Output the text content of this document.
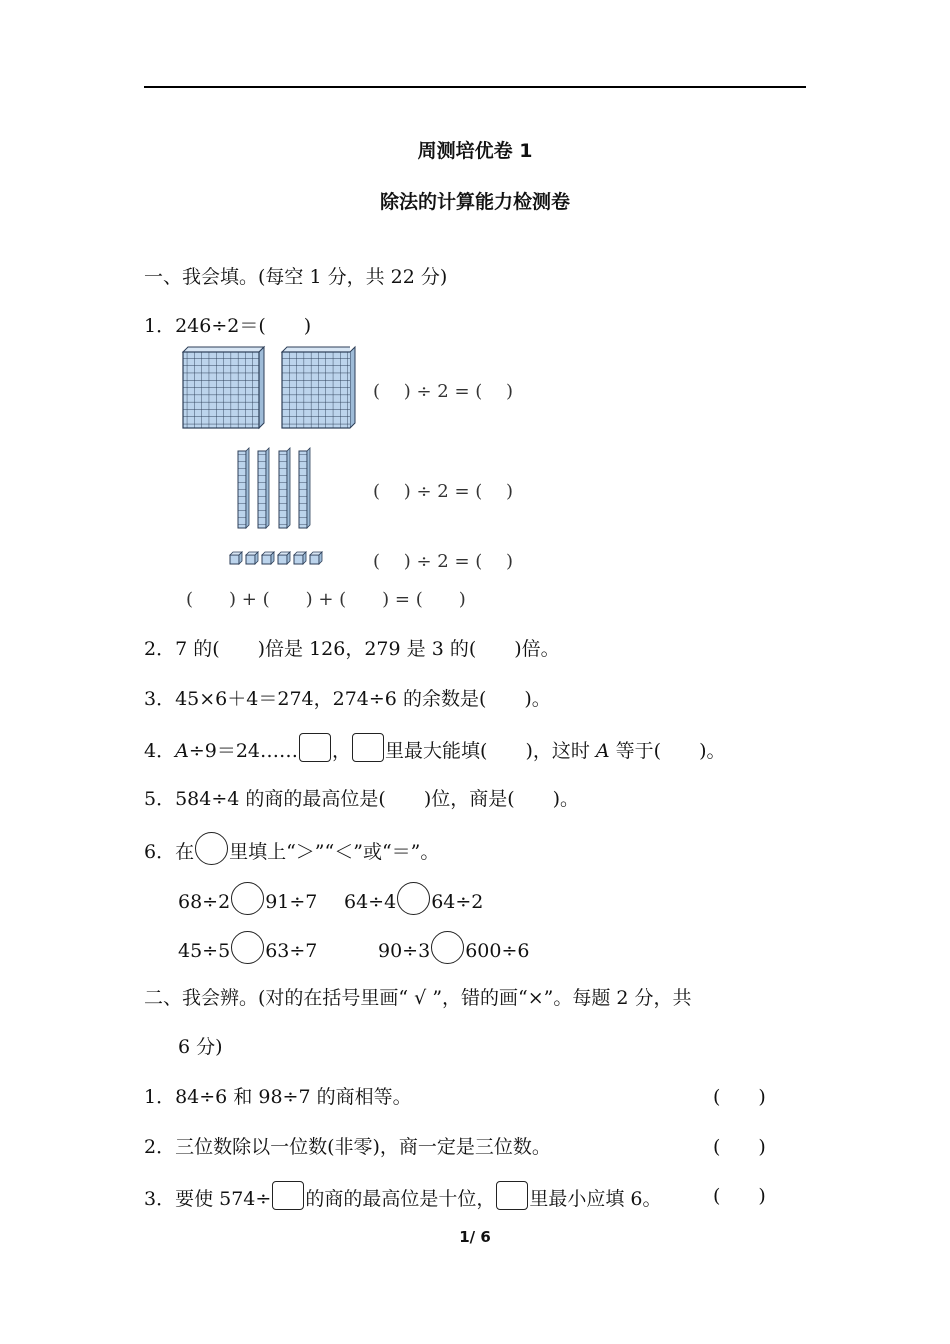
周测培优卷 1
除法的计算能力检测卷
一、我会填。(每空 1 分，共 22 分)
1．246÷2＝(　　)
(　 ) ÷ 2 = (　 )
(　 ) ÷ 2 = (　 )
(　 ) ÷ 2 = (　 )
(　　) + (　　) + (　　) = (　　)
2．7 的(　　)倍是 126，279 是 3 的(　　)倍。
3．45×6＋4＝274，274÷6 的余数是(　　)。
4．A÷9＝24…… ， 里最大能填(　　)，这时 A 等于(　　)。
5．584÷4 的商的最高位是(　　)位，商是(　　)。
6．在 里填上“＞”“＜”或“＝”。
68÷2 91÷7 64÷4 64÷2
45÷5 63÷7	90÷3 600÷6
二、我会辨。(对的在括号里画“ √ ”，错的画“×”。每题 2 分，共
6 分)
1．84÷6 和 98÷7 的商相等。	(　　)
2．三位数除以一位数(非零)，商一定是三位数。	(　　)
3．要使 574÷ 的商的最高位是十位， 里最小应填 6。	(　　)
1/ 6
